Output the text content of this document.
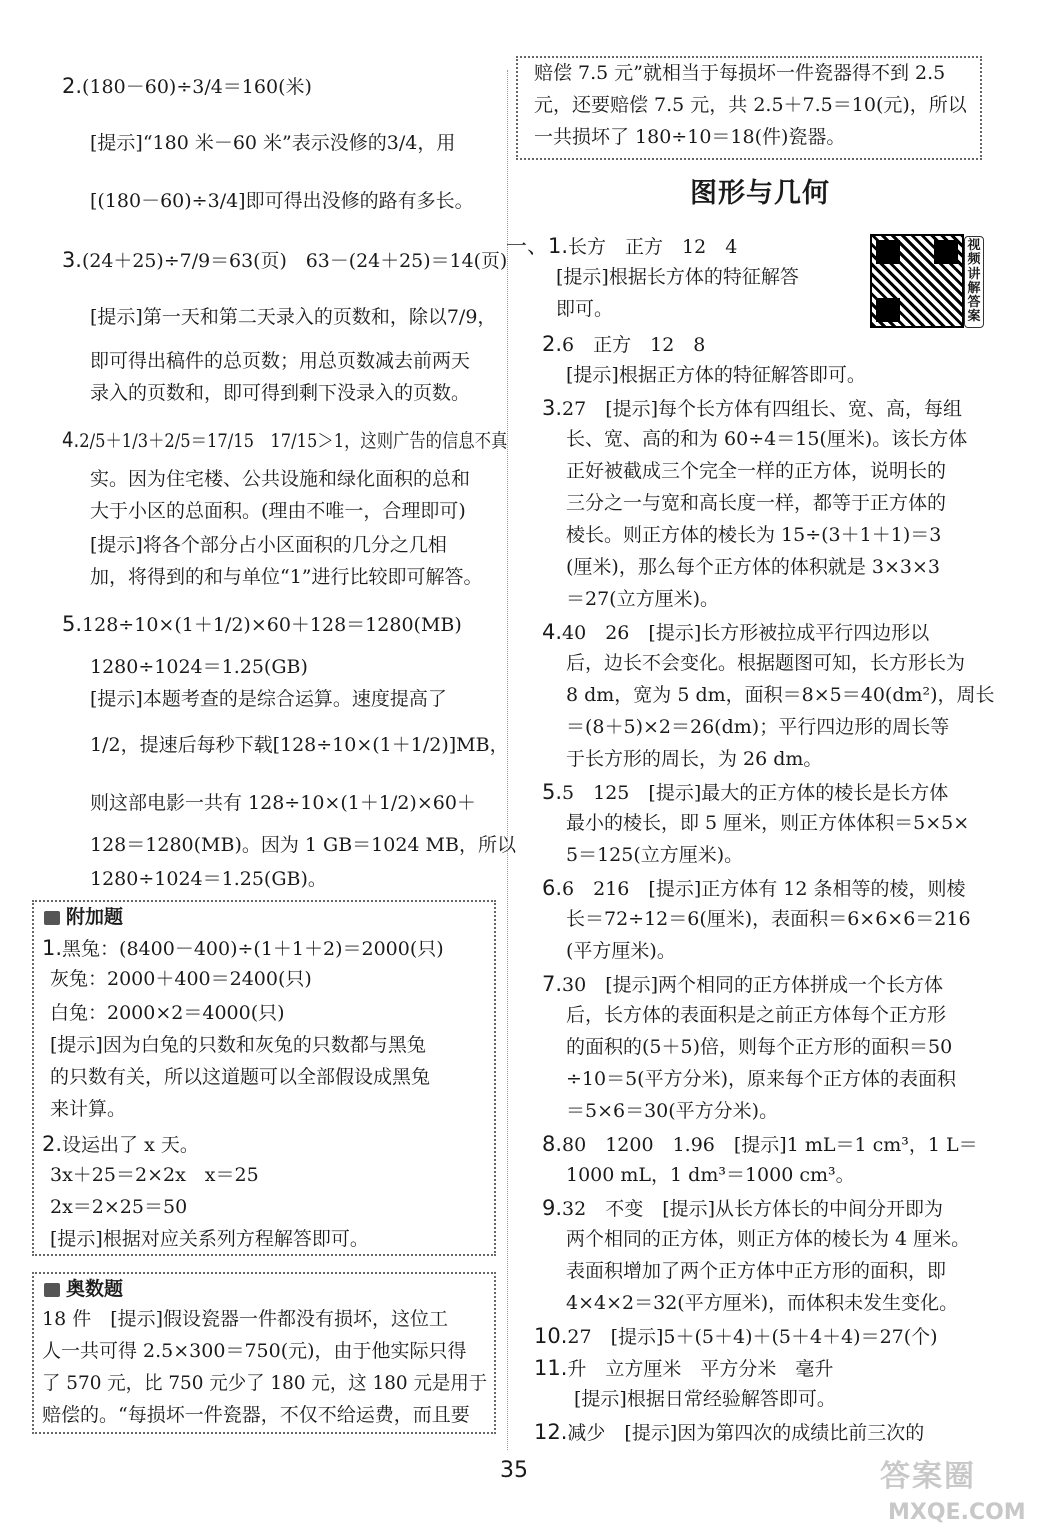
2.(180－60)÷3/4＝160(米)
[提示]“180 米－60 米”表示没修的3/4，用
[(180－60)÷3/4]即可得出没修的路有多长。
3.(24＋25)÷7/9＝63(页)　63－(24＋25)＝14(页)
[提示]第一天和第二天录入的页数和，除以7/9，
即可得出稿件的总页数；用总页数减去前两天
录入的页数和，即可得到剩下没录入的页数。
4.2/5＋1/3＋2/5＝17/15　17/15＞1，这则广告的信息不真
实。因为住宅楼、公共设施和绿化面积的总和
大于小区的总面积。(理由不唯一，合理即可)
[提示]将各个部分占小区面积的几分之几相
加，将得到的和与单位“1”进行比较即可解答。
5.128÷10×(1＋1/2)×60＋128＝1280(MB)
1280÷1024＝1.25(GB)
[提示]本题考查的是综合运算。速度提高了
1/2，提速后每秒下载[128÷10×(1＋1/2)]MB，
则这部电影一共有 128÷10×(1＋1/2)×60＋
128＝1280(MB)。因为 1 GB＝1024 MB，所以
1280÷1024＝1.25(GB)。
1.黑兔：(8400－400)÷(1＋1＋2)＝2000(只)
灰兔：2000＋400＝2400(只)
白兔：2000×2＝4000(只)
[提示]因为白兔的只数和灰兔的只数都与黑兔
的只数有关，所以这道题可以全部假设成黑兔
来计算。
2.设运出了 x 天。
3x＋25＝2×2x　x＝25
2x＝2×25＝50
[提示]根据对应关系列方程解答即可。
18 件　[提示]假设瓷器一件都没有损坏，这位工
人一共可得 2.5×300＝750(元)，由于他实际只得
了 570 元，比 750 元少了 180 元，这 180 元是用于
赔偿的。“每损坏一件瓷器，不仅不给运费，而且要
赔偿 7.5 元”就相当于每损坏一件瓷器得不到 2.5
元，还要赔偿 7.5 元，共 2.5＋7.5＝10(元)，所以
一共损坏了 180÷10＝18(件)瓷器。
一、1.长方　正方　12　4
[提示]根据长方体的特征解答
即可。
2.6　正方　12　8
[提示]根据正方体的特征解答即可。
3.27　[提示]每个长方体有四组长、宽、高，每组
长、宽、高的和为 60÷4＝15(厘米)。该长方体
正好被截成三个完全一样的正方体，说明长的
三分之一与宽和高长度一样，都等于正方体的
棱长。则正方体的棱长为 15÷(3＋1＋1)＝3
(厘米)，那么每个正方体的体积就是 3×3×3
＝27(立方厘米)。
4.40　26　[提示]长方形被拉成平行四边形以
后，边长不会变化。根据题图可知，长方形长为
8 dm，宽为 5 dm，面积＝8×5＝40(dm²)，周长
＝(8＋5)×2＝26(dm)；平行四边形的周长等
于长方形的周长，为 26 dm。
5.5　125　[提示]最大的正方体的棱长是长方体
最小的棱长，即 5 厘米，则正方体体积＝5×5×
5＝125(立方厘米)。
6.6　216　[提示]正方体有 12 条相等的棱，则棱
长＝72÷12＝6(厘米)，表面积＝6×6×6＝216
(平方厘米)。
7.30　[提示]两个相同的正方体拼成一个长方体
后，长方体的表面积是之前正方体每个正方形
的面积的(5＋5)倍，则每个正方形的面积＝50
÷10＝5(平方分米)，原来每个正方体的表面积
＝5×6＝30(平方分米)。
8.80　1200　1.96　[提示]1 mL＝1 cm³，1 L＝
1000 mL，1 dm³＝1000 cm³。
9.32　不变　[提示]从长方体长的中间分开即为
两个相同的正方体，则正方体的棱长为 4 厘米。
表面积增加了两个正方体中正方形的面积，即
4×4×2＝32(平方厘米)，而体积未发生变化。
10.27　[提示]5＋(5＋4)＋(5＋4＋4)＝27(个)
11.升　立方厘米　平方分米　毫升
[提示]根据日常经验解答即可。
12.减少　[提示]因为第四次的成绩比前三次的
附加题
奥数题
图形与几何
视频讲解答案
35	答案圈
MXQE.COM
